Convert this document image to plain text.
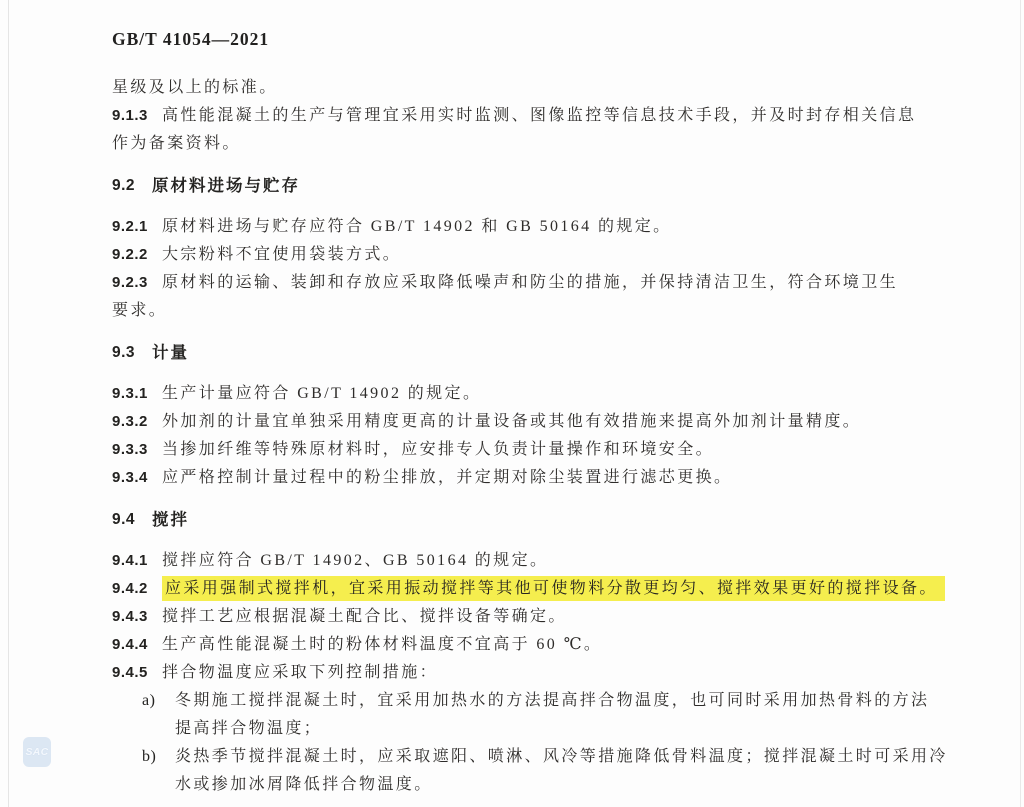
GB/T 41054—2021
星级及以上的标准。
9.1.3 高性能混凝土的生产与管理宜采用实时监测、图像监控等信息技术手段，并及时封存相关信息
作为备案资料。
9.2 原材料进场与贮存
9.2.1 原材料进场与贮存应符合 GB/T 14902 和 GB 50164 的规定。
9.2.2 大宗粉料不宜使用袋装方式。
9.2.3 原材料的运输、装卸和存放应采取降低噪声和防尘的措施，并保持清洁卫生，符合环境卫生
要求。
9.3 计量
9.3.1 生产计量应符合 GB/T 14902 的规定。
9.3.2 外加剂的计量宜单独采用精度更高的计量设备或其他有效措施来提高外加剂计量精度。
9.3.3 当掺加纤维等特殊原材料时，应安排专人负责计量操作和环境安全。
9.3.4 应严格控制计量过程中的粉尘排放，并定期对除尘装置进行滤芯更换。
9.4 搅拌
9.4.1 搅拌应符合 GB/T 14902、GB 50164 的规定。
9.4.2 应采用强制式搅拌机，宜采用振动搅拌等其他可使物料分散更均匀、搅拌效果更好的搅拌设备。
9.4.3 搅拌工艺应根据混凝土配合比、搅拌设备等确定。
9.4.4 生产高性能混凝土时的粉体材料温度不宜高于 60 ℃。
9.4.5 拌合物温度应采取下列控制措施：
a) 冬期施工搅拌混凝土时，宜采用加热水的方法提高拌合物温度，也可同时采用加热骨料的方法
提高拌合物温度；
b) 炎热季节搅拌混凝土时，应采取遮阳、喷淋、风冷等措施降低骨料温度；搅拌混凝土时可采用冷
水或掺加冰屑降低拌合物温度。
SAC
